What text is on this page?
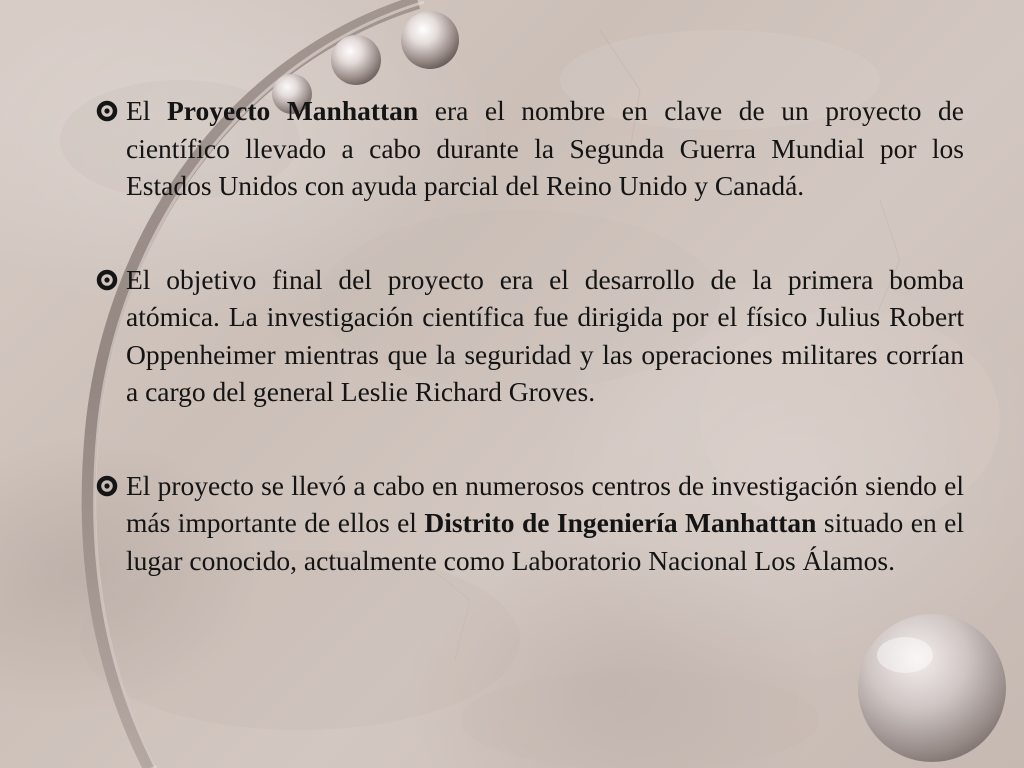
El Proyecto Manhattan era el nombre en clave de un proyecto de científico llevado a cabo durante la Segunda Guerra Mundial por los Estados Unidos con ayuda parcial del Reino Unido y Canadá.
El objetivo final del proyecto era el desarrollo de la primera bomba atómica. La investigación científica fue dirigida por el físico Julius Robert Oppenheimer mientras que la seguridad y las operaciones militares corrían a cargo del general Leslie Richard Groves.
El proyecto se llevó a cabo en numerosos centros de investigación siendo el más importante de ellos el Distrito de Ingeniería Manhattan situado en el lugar conocido, actualmente como Laboratorio Nacional Los Álamos.
